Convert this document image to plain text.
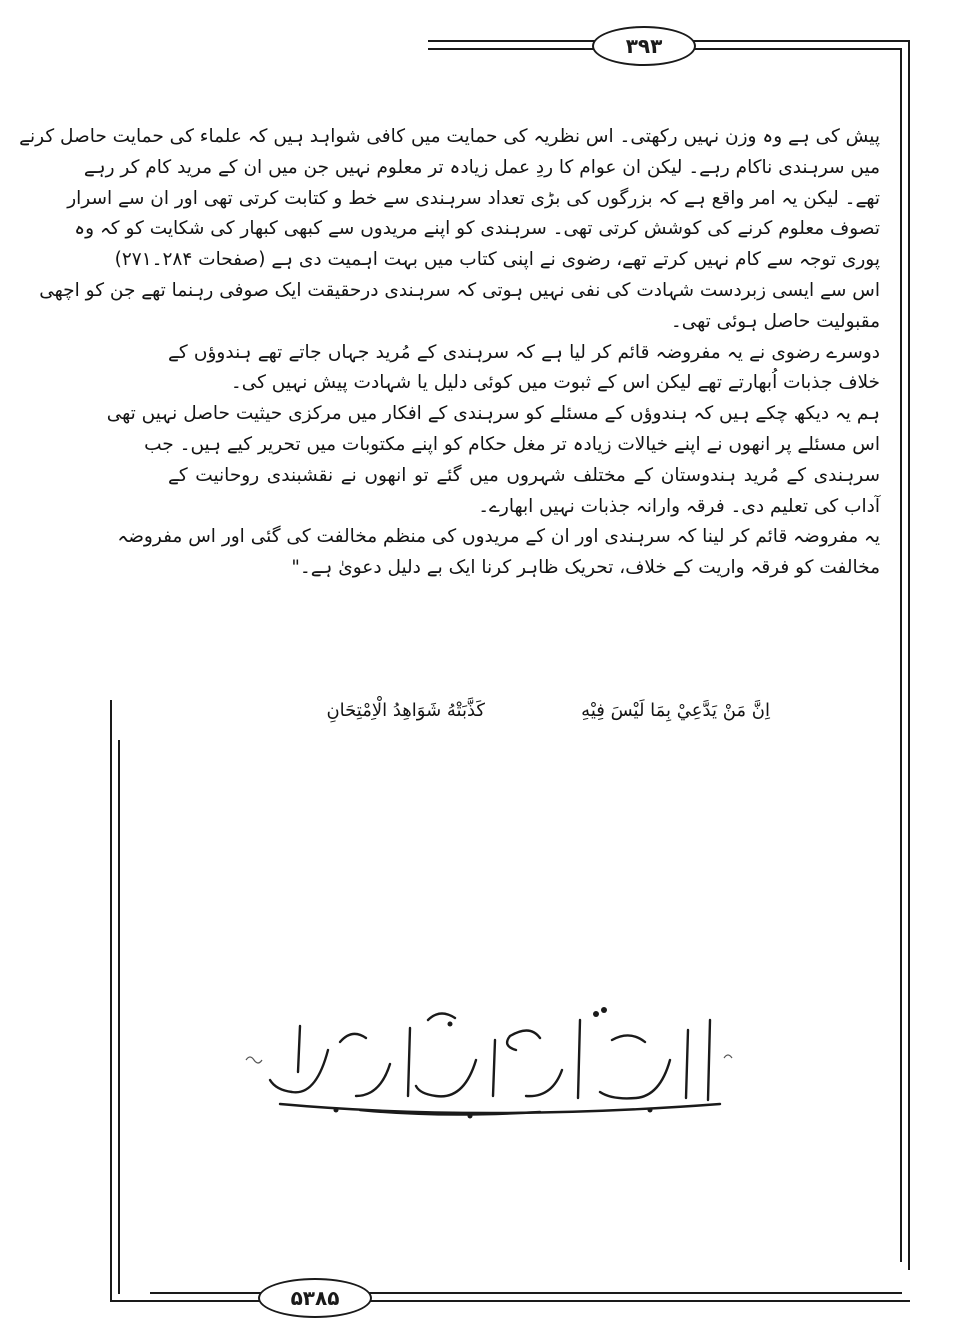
۳۹۳
۵۳۸۵
پیش کی ہے وہ وزن نہیں رکھتی۔ اس نظریہ کی حمایت میں کافی شواہد ہیں کہ علماء کی حمایت حاصل کرنے
میں سرہندی ناکام رہے۔ لیکن ان عوام کا ردِ عمل زیادہ تر معلوم نہیں جن میں ان کے مرید کام کر رہے
تھے۔ لیکن یہ امر واقع ہے کہ بزرگوں کی بڑی تعداد سرہندی سے خط و کتابت کرتی تھی اور ان سے اسرار
تصوف معلوم کرنے کی کوشش کرتی تھی۔ سرہندی کو اپنے مریدوں سے کبھی کبھار کی شکایت کو کہ وہ
پوری توجہ سے کام نہیں کرتے تھے، رضوی نے اپنی کتاب میں بہت اہمیت دی ہے (صفحات ۲۸۴۔۲۷۱)
اس سے ایسی زبردست شہادت کی نفی نہیں ہوتی کہ سرہندی درحقیقت ایک صوفی رہنما تھے جن کو اچھی
مقبولیت حاصل ہوئی تھی۔
دوسرے رضوی نے یہ مفروضہ قائم کر لیا ہے کہ سرہندی کے مُرید جہاں جاتے تھے ہندوؤں کے
خلاف جذبات اُبھارتے تھے لیکن اس کے ثبوت میں کوئی دلیل یا شہادت پیش نہیں کی۔
ہم یہ دیکھ چکے ہیں کہ ہندوؤں کے مسئلے کو سرہندی کے افکار میں مرکزی حیثیت حاصل نہیں تھی
اس مسئلے پر انھوں نے اپنے خیالات زیادہ تر مغل حکام کو اپنے مکتوبات میں تحریر کیے ہیں۔ جب
سرہندی کے مُرید ہندوستان کے مختلف شہروں میں گئے تو انھوں نے نقشبندی روحانیت کے
آداب کی تعلیم دی۔ فرقہ وارانہ جذبات نہیں ابھارے۔
یہ مفروضہ قائم کر لینا کہ سرہندی اور ان کے مریدوں کی منظم مخالفت کی گئی اور اس مفروضہ
مخالفت کو فرقہ واریت کے خلاف، تحریک ظاہر کرنا ایک بے دلیل دعویٰ ہے۔"
اِنَّ مَنْ يَدَّعِيْ بِمَا لَيْسَ فِيْهِ
كَذَّبَتْهُ شَوَاهِدُ الْاِمْتِحَانِ
